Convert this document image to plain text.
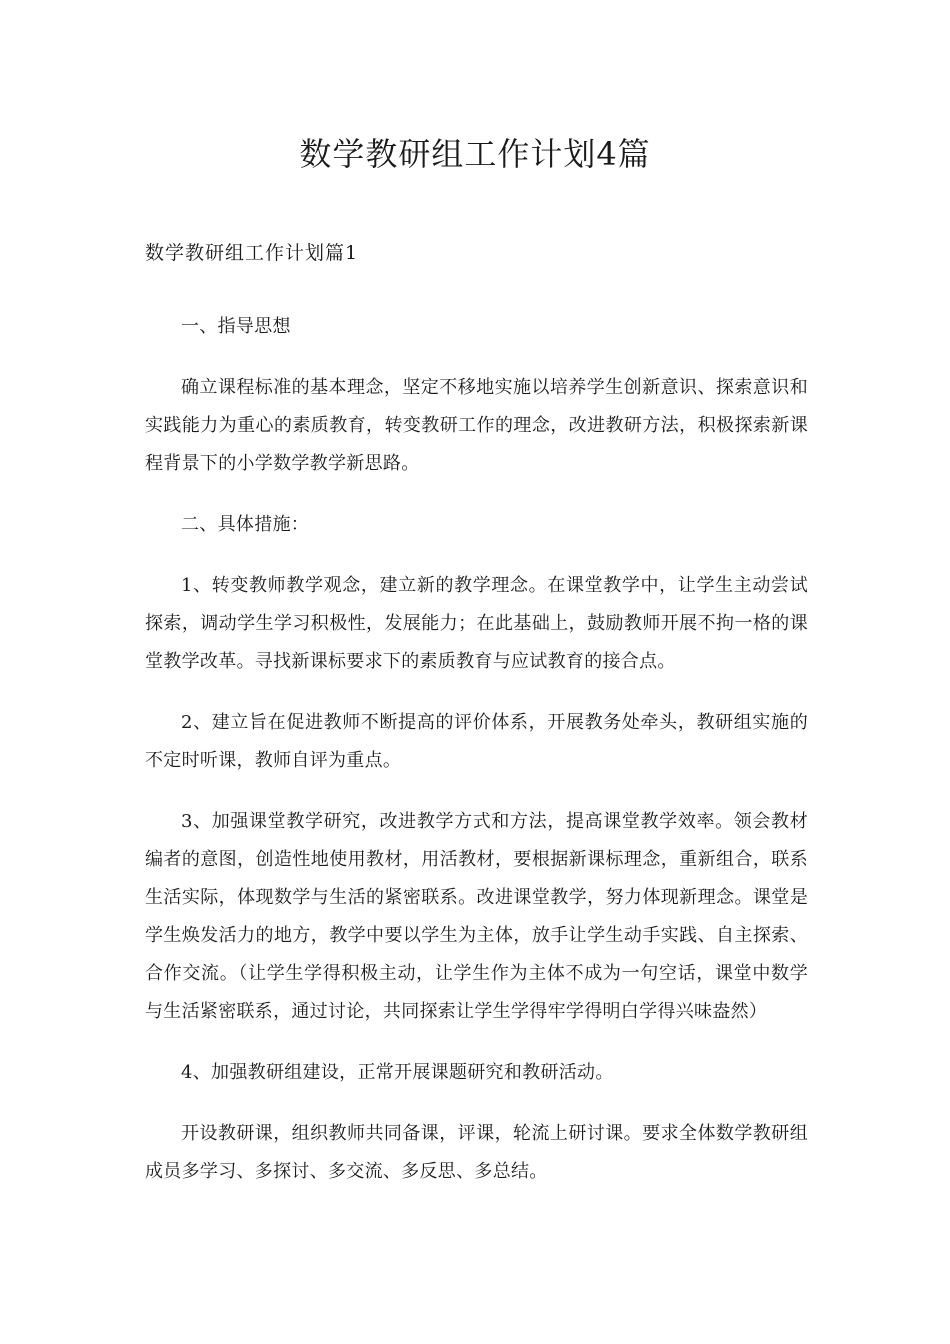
数学教研组工作计划4篇
数学教研组工作计划篇1

一、指导思想

确立课程标准的基本理念，坚定不移地实施以培养学生创新意识、探索意识和实践能力为重心的素质教育，转变教研工作的理念，改进教研方法，积极探索新课程背景下的小学数学教学新思路。

二、具体措施：

1、转变教师教学观念，建立新的教学理念。在课堂教学中，让学生主动尝试探索，调动学生学习积极性，发展能力；在此基础上，鼓励教师开展不拘一格的课堂教学改革。寻找新课标要求下的素质教育与应试教育的接合点。

2、建立旨在促进教师不断提高的评价体系，开展教务处牵头，教研组实施的不定时听课，教师自评为重点。

3、加强课堂教学研究，改进教学方式和方法，提高课堂教学效率。领会教材编者的意图，创造性地使用教材，用活教材，要根据新课标理念，重新组合，联系生活实际，体现数学与生活的紧密联系。改进课堂教学，努力体现新理念。课堂是学生焕发活力的地方，教学中要以学生为主体，放手让学生动手实践、自主探索、合作交流。（让学生学得积极主动，让学生作为主体不成为一句空话，课堂中数学与生活紧密联系，通过讨论，共同探索让学生学得牢学得明白学得兴味盎然）

4、加强教研组建设，正常开展课题研究和教研活动。

开设教研课，组织教师共同备课，评课，轮流上研讨课。要求全体数学教研组成员多学习、多探讨、多交流、多反思、多总结。
